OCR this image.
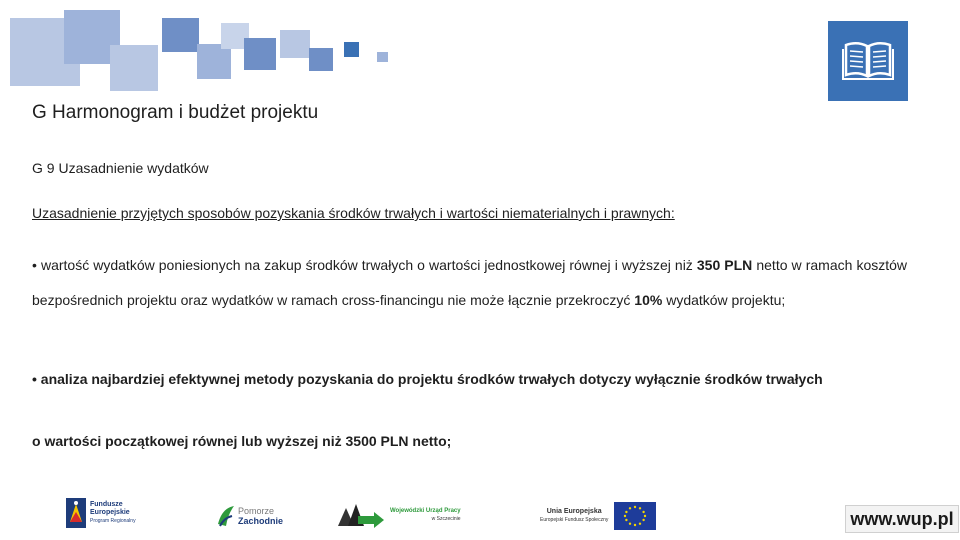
G Harmonogram i budżet projektu
G 9 Uzasadnienie wydatków
Uzasadnienie przyjętych sposobów pozyskania środków trwałych i wartości niematerialnych i prawnych:
• wartość wydatków poniesionych na zakup środków trwałych o wartości jednostkowej równej i wyższej niż 350 PLN netto w ramach kosztów bezpośrednich projektu oraz wydatków w ramach cross-financingu nie może łącznie przekroczyć 10% wydatków projektu;
• analiza najbardziej efektywnej metody pozyskania do projektu środków trwałych dotyczy wyłącznie środków trwałych
o wartości początkowej równej lub wyższej niż 3500 PLN netto;
Fundusze
Europejskie
Program Regionalny
Pomorze
Zachodnie
Wojewódzki Urząd Pracy
w Szczecinie
Unia Europejska
Europejski Fundusz Społeczny	www.wup.pl
